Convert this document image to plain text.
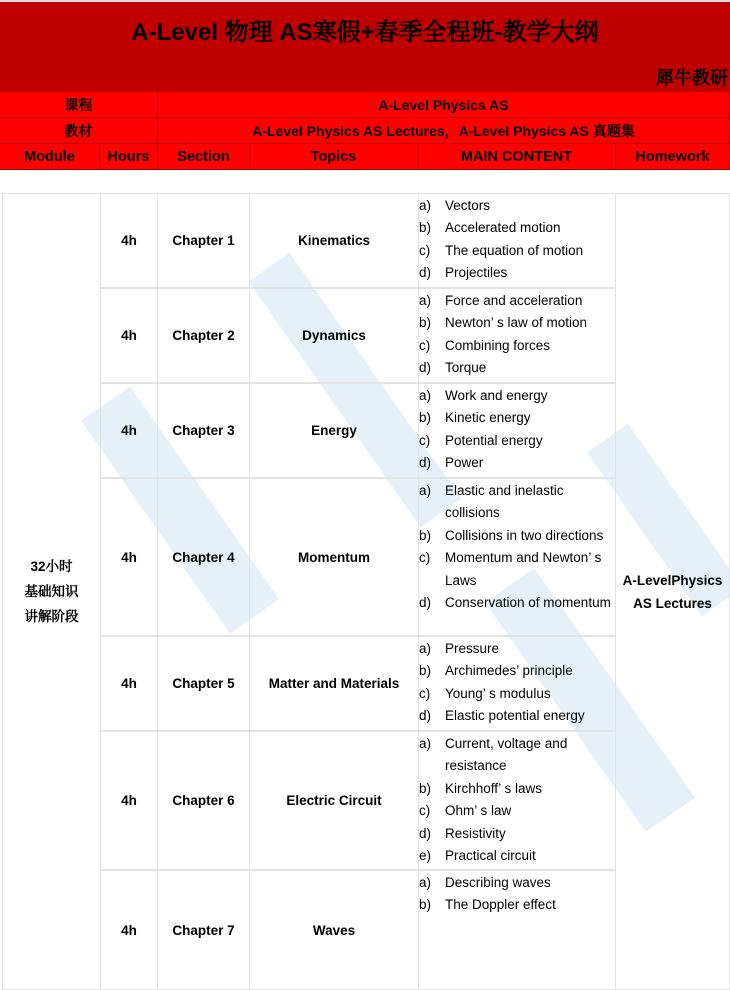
A-Level 物理 AS寒假+春季全程班-教学大纲
犀牛教研
课程	A-Level Physics AS
教材	A-Level Physics AS Lectures，A-Level Physics AS 真题集
Module	Hours	Section	Topics	MAIN CONTENT	Homework
32小时
基础知识
讲解阶段
A-LevelPhysics AS Lectures
4h	Chapter 1	Kinematics
a)	Vectors
b)	Accelerated motion
c)	The equation of motion
d)	Projectiles
4h	Chapter 2	Dynamics
a)	Force and acceleration
b)	Newton’ s law of motion
c)	Combining forces
d)	Torque
4h	Chapter 3	Energy
a)	Work and energy
b)	Kinetic energy
c)	Potential energy
d)	Power
4h	Chapter 4	Momentum
a)	Elastic and inelastic collisions
b)	Collisions in two directions
c)	Momentum and Newton’ s Laws
d)	Conservation of momentum
4h	Chapter 5	Matter and Materials
a)	Pressure
b)	Archimedes’ principle
c)	Young’ s modulus
d)	Elastic potential energy
4h	Chapter 6	Electric Circuit
a)	Current, voltage and resistance
b)	Kirchhoff’ s laws
c)	Ohm’ s law
d)	Resistivity
e)	Practical circuit
4h	Chapter 7	Waves
a)	Describing waves
b)	The Doppler effect
